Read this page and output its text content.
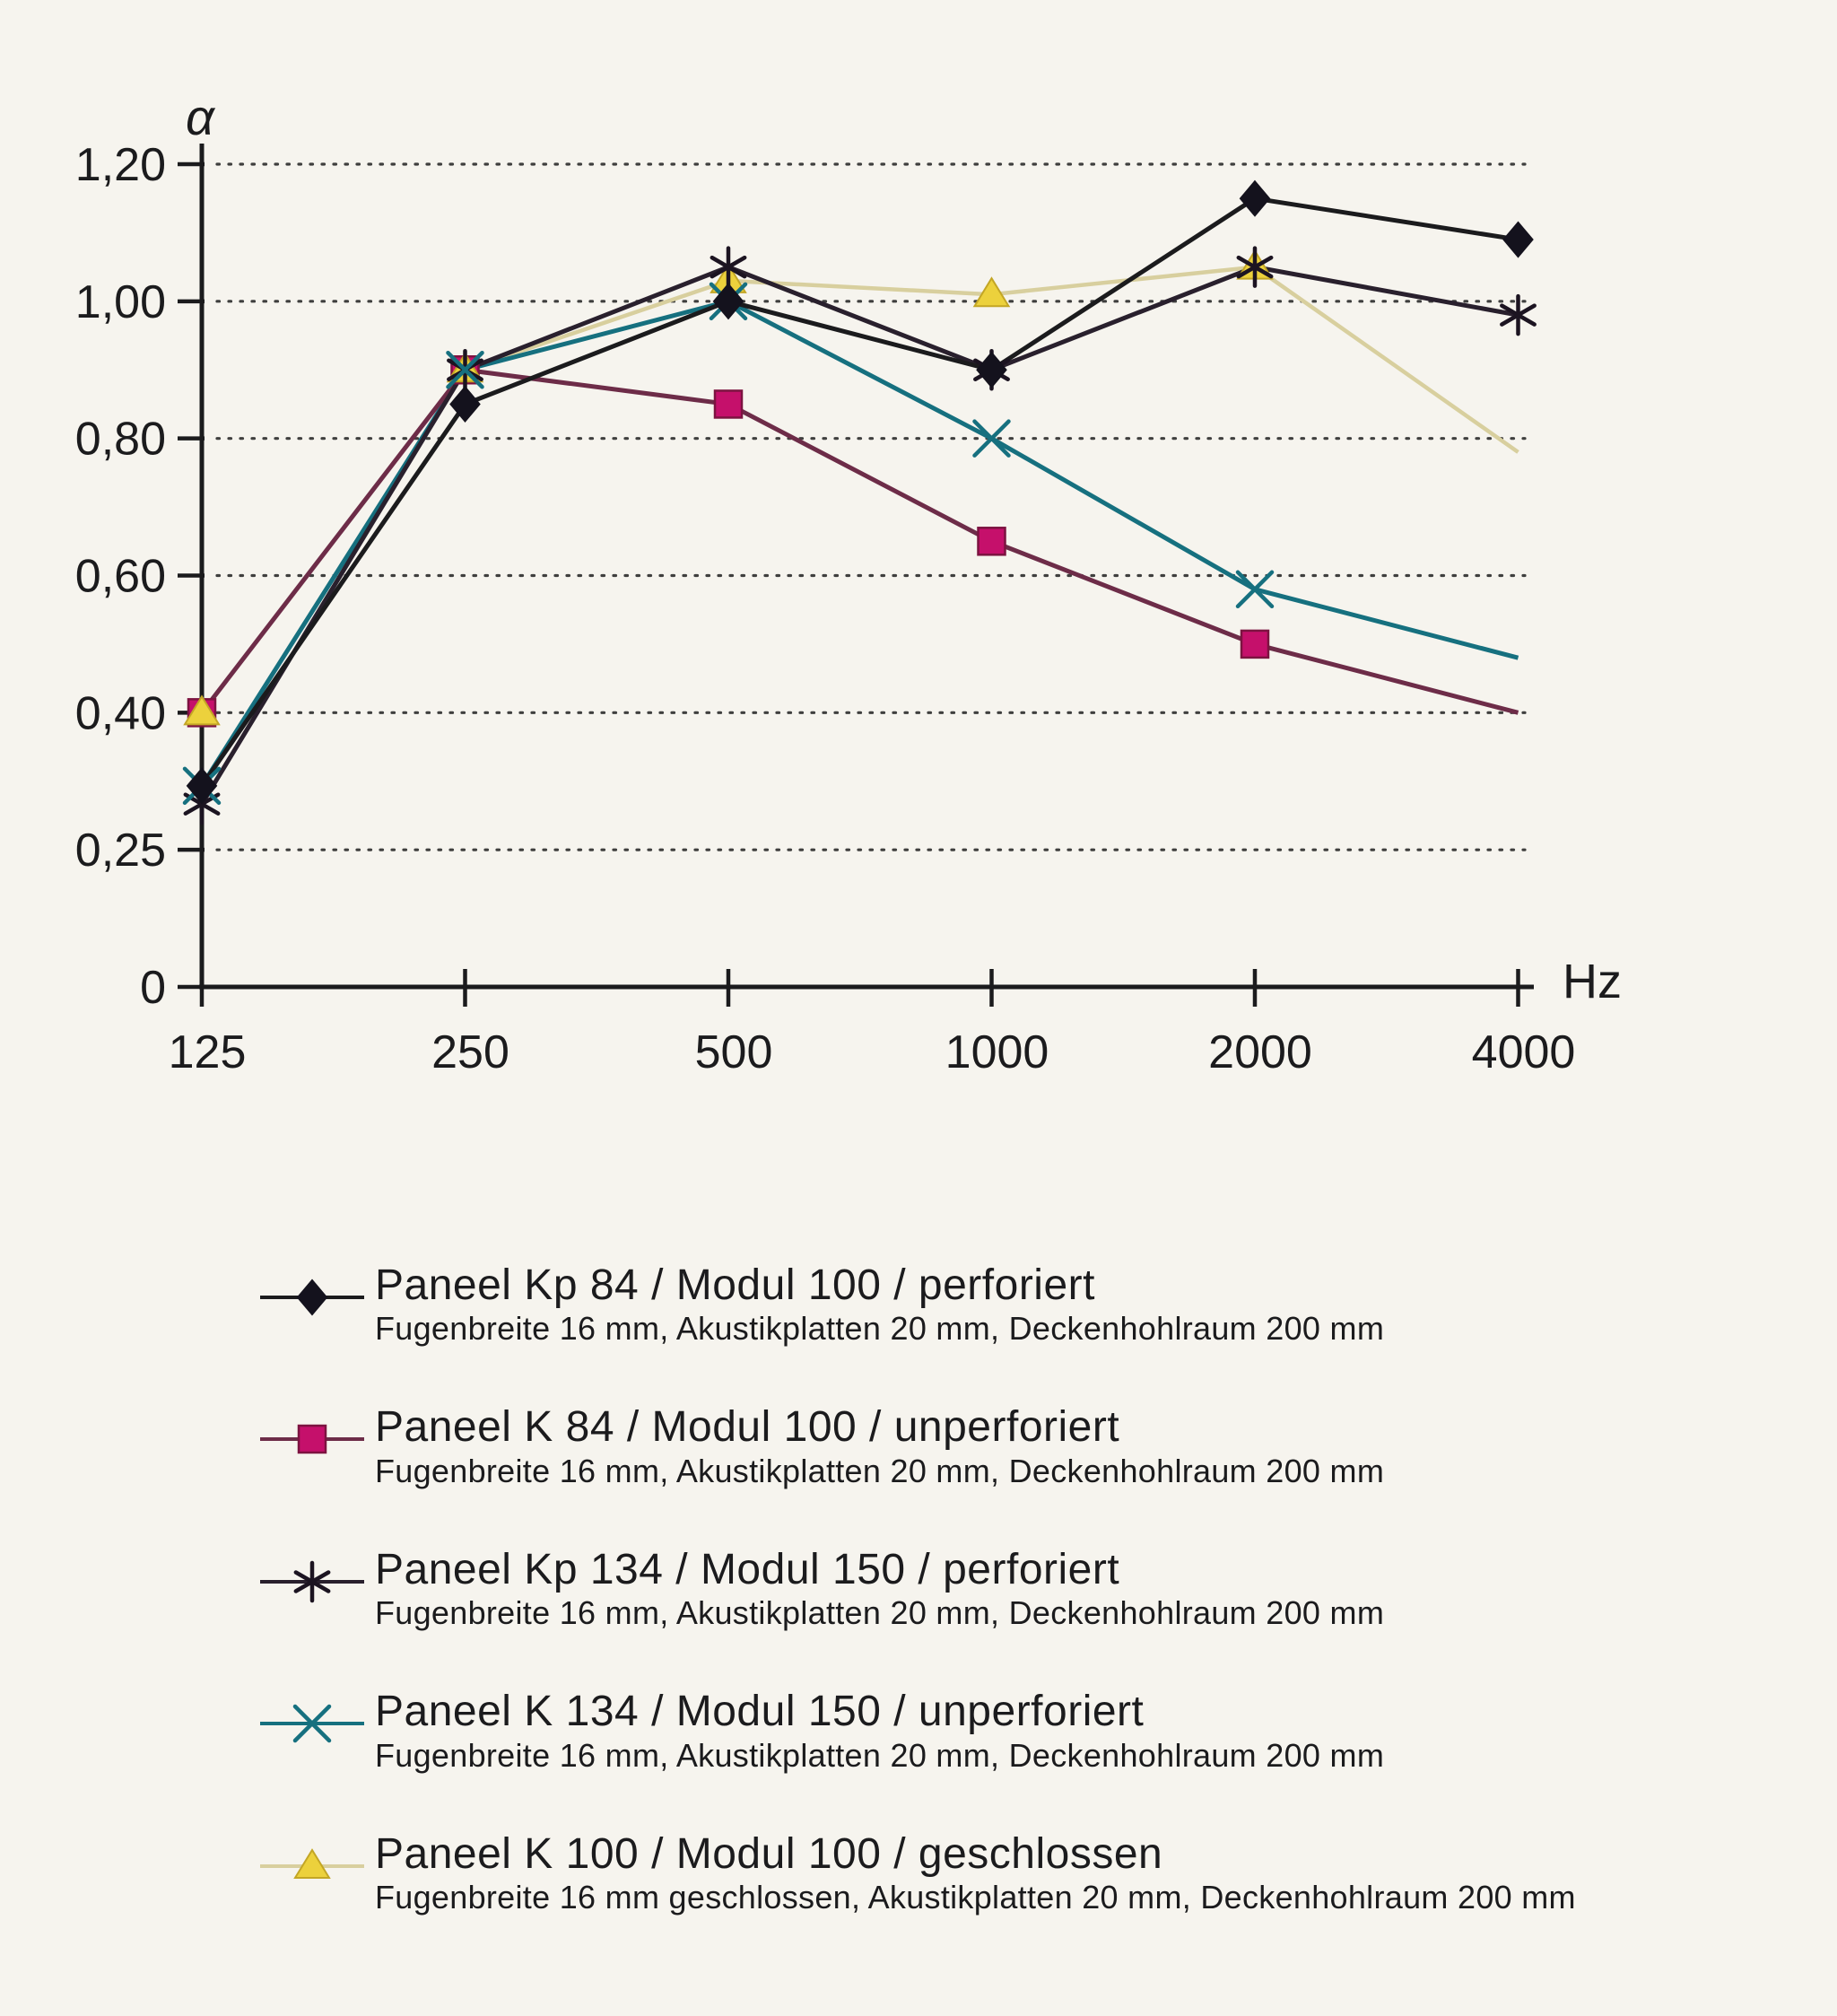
α
Hz
0
0,25
0,40
0,60
0,80
1,00
1,20
125	250	500	1000	2000	4000
Paneel Kp 84 / Modul 100 / perforiert
Fugenbreite 16 mm, Akustikplatten 20 mm, Deckenhohlraum 200 mm
Paneel K 84 / Modul 100 / unperforiert
Fugenbreite 16 mm, Akustikplatten 20 mm, Deckenhohlraum 200 mm
Paneel Kp 134 / Modul 150 / perforiert
Fugenbreite 16 mm, Akustikplatten 20 mm, Deckenhohlraum 200 mm
Paneel K 134 / Modul 150 / unperforiert
Fugenbreite 16 mm, Akustikplatten 20 mm, Deckenhohlraum 200 mm
Paneel K 100 / Modul 100 / geschlossen
Fugenbreite 16 mm geschlossen, Akustikplatten 20 mm, Deckenhohlraum 200 mm
